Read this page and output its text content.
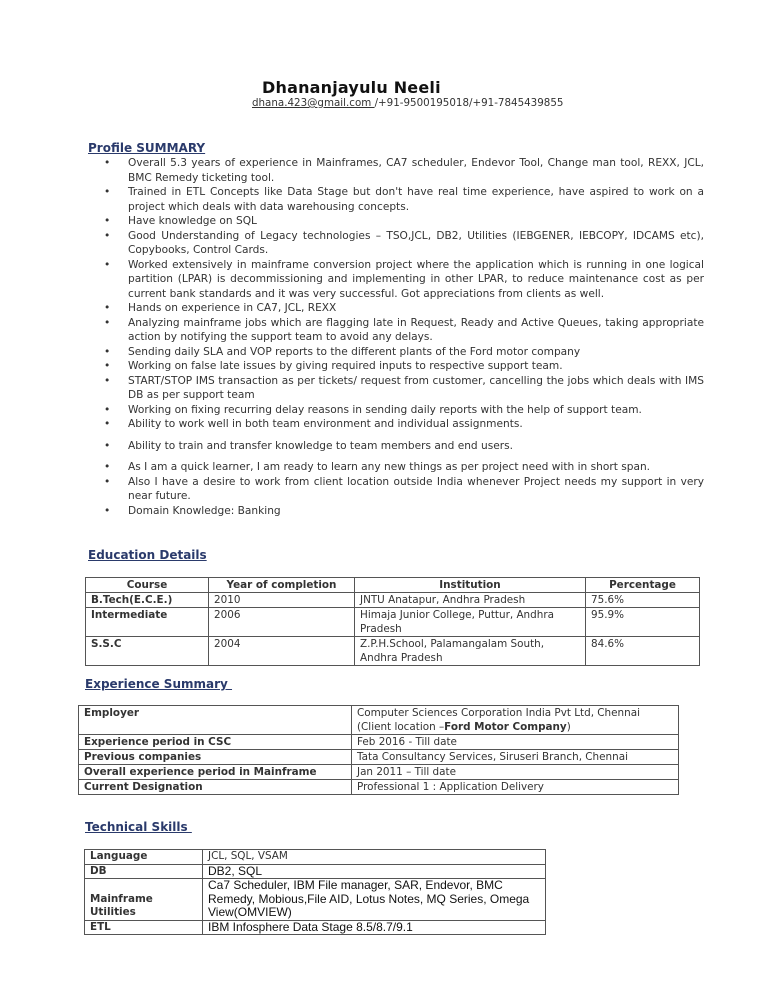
Dhananjayulu Neeli
dhana.423@gmail.com /+91-9500195018/+91-7845439855
Profile SUMMARY
• Overall 5.3 years of experience in Mainframes, CA7 scheduler, Endevor Tool, Change man tool, REXX, JCL, BMC Remedy ticketing tool.
• Trained in ETL Concepts like Data Stage but don't have real time experience, have aspired to work on a project which deals with data warehousing concepts.
• Have knowledge on SQL
• Good Understanding of Legacy technologies – TSO,JCL, DB2, Utilities (IEBGENER, IEBCOPY, IDCAMS etc), Copybooks, Control Cards.
• Worked extensively in mainframe conversion project where the application which is running in one logical partition (LPAR) is decommissioning and implementing in other LPAR, to reduce maintenance cost as per current bank standards and it was very successful. Got appreciations from clients as well.
• Hands on experience in CA7, JCL, REXX
• Analyzing mainframe jobs which are flagging late in Request, Ready and Active Queues, taking appropriate action by notifying the support team to avoid any delays.
• Sending daily SLA and VOP reports to the different plants of the Ford motor company
• Working on false late issues by giving required inputs to respective support team.
• START/STOP IMS transaction as per tickets/ request from customer, cancelling the jobs which deals with IMS DB as per support team
• Working on fixing recurring delay reasons in sending daily reports with the help of support team.
• Ability to work well in both team environment and individual assignments.
• Ability to train and transfer knowledge to team members and end users.
• As I am a quick learner, I am ready to learn any new things as per project need with in short span.
• Also I have a desire to work from client location outside India whenever Project needs my support in very near future.
• Domain Knowledge: Banking
Education Details
Course	Year of completion	Institution	Percentage
B.Tech(E.C.E.)	2010	JNTU Anatapur, Andhra Pradesh	75.6%
Intermediate	2006	Himaja Junior College, Puttur, Andhra Pradesh	95.9%
S.S.C	2004	Z.P.H.School, Palamangalam South, Andhra Pradesh	84.6%
Experience Summary
Employer	Computer Sciences Corporation India Pvt Ltd, Chennai
(Client location –Ford Motor Company)

Experience period in CSC	Feb 2016 - Till date
Previous companies	Tata Consultancy Services, Siruseri Branch, Chennai
Overall experience period in Mainframe	Jan 2011 – Till date
Current Designation	Professional 1 : Application Delivery
Technical Skills
Language	JCL, SQL, VSAM
DB	DB2, SQL
Mainframe Utilities	Ca7 Scheduler, IBM File manager, SAR, Endevor, BMC Remedy, Mobious,File AID, Lotus Notes, MQ Series, Omega View(OMVIEW)
ETL	IBM Infosphere Data Stage 8.5/8.7/9.1
